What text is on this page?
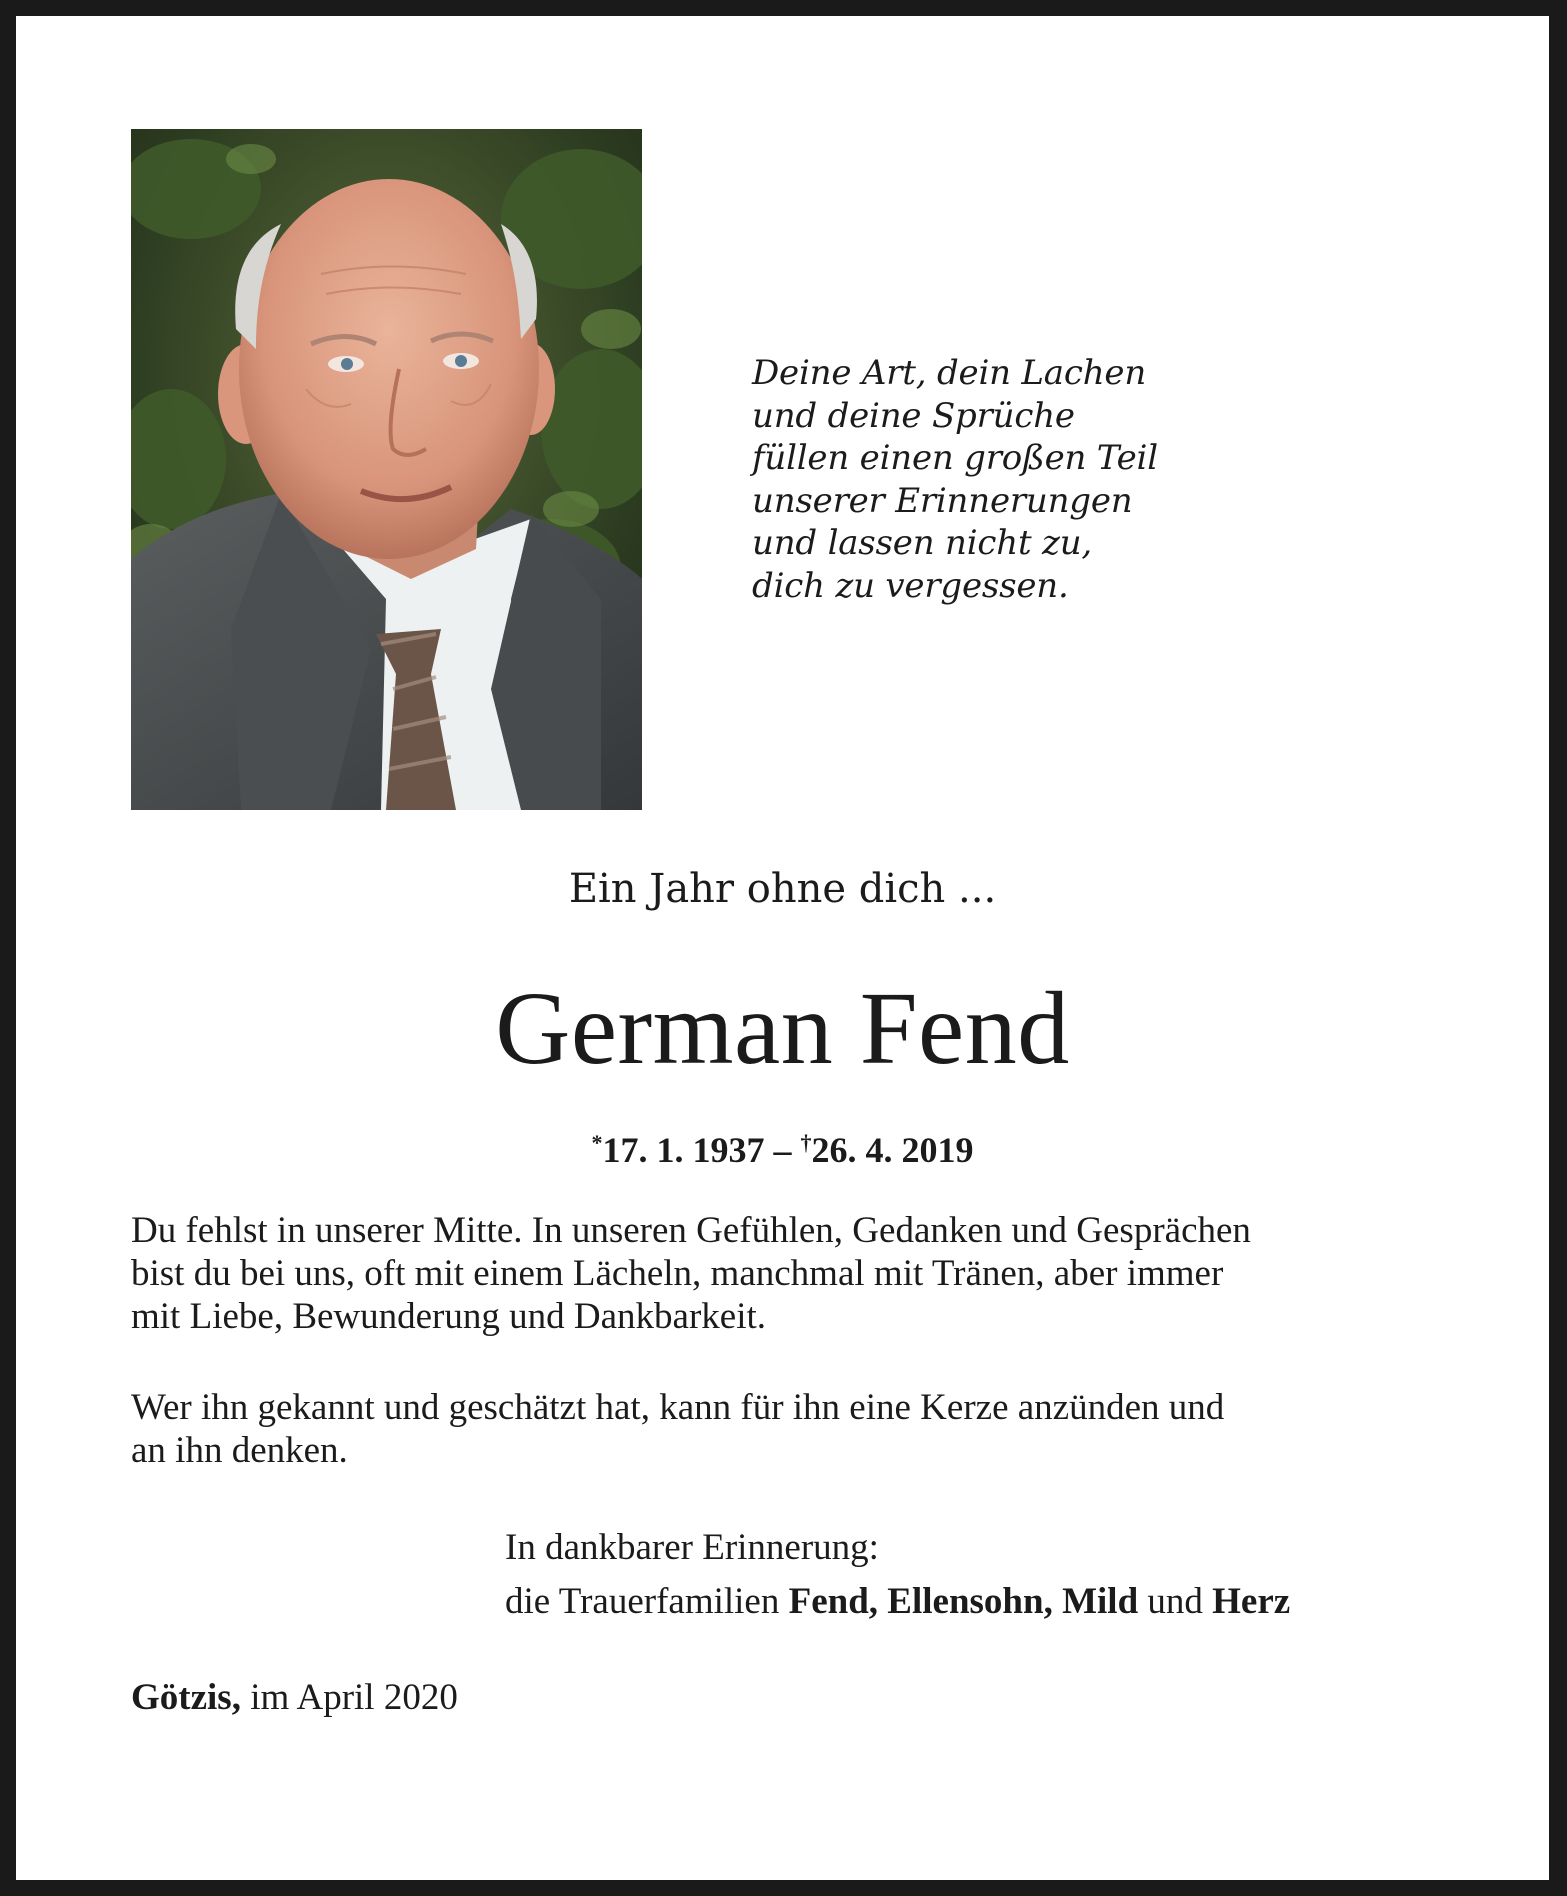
Deine Art, dein Lachen
und deine Sprüche
füllen einen großen Teil
unserer Erinnerungen
und lassen nicht zu,
dich zu vergessen.
Ein Jahr ohne dich ...
German Fend
*17. 1. 1937 – †26. 4. 2019
Du fehlst in unserer Mitte. In unseren Gefühlen, Gedanken und Gesprächen
bist du bei uns, oft mit einem Lächeln, manchmal mit Tränen, aber immer
mit Liebe, Bewunderung und Dankbarkeit.
Wer ihn gekannt und geschätzt hat, kann für ihn eine Kerze anzünden und
an ihn denken.
In dankbarer Erinnerung:
die Trauerfamilien Fend, Ellensohn, Mild und Herz
Götzis, im April 2020
